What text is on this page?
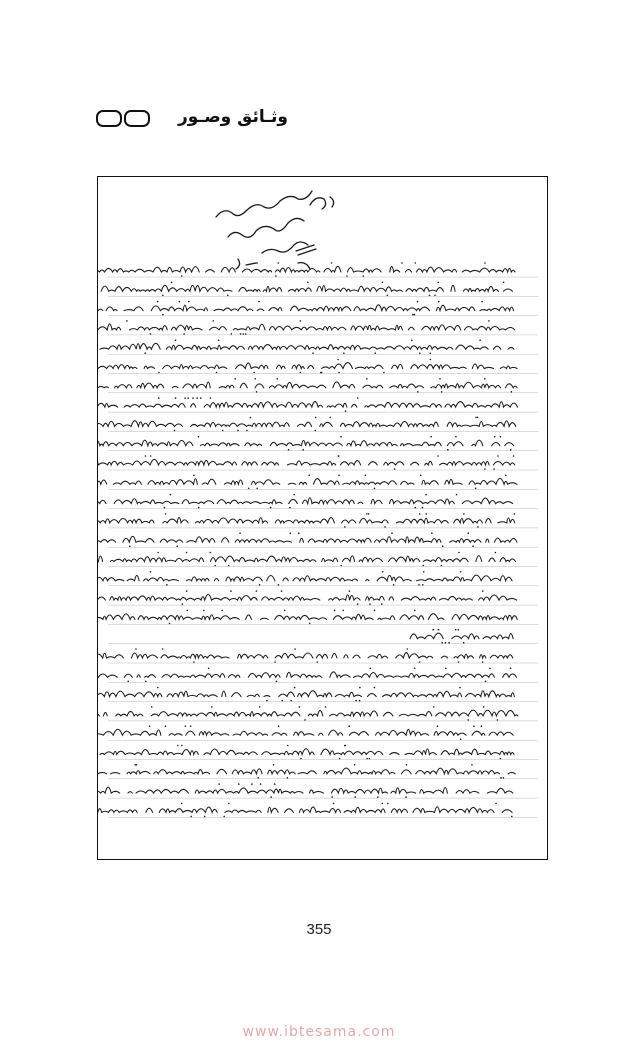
وثـائق وصـور
355
www.ibtesama.com
